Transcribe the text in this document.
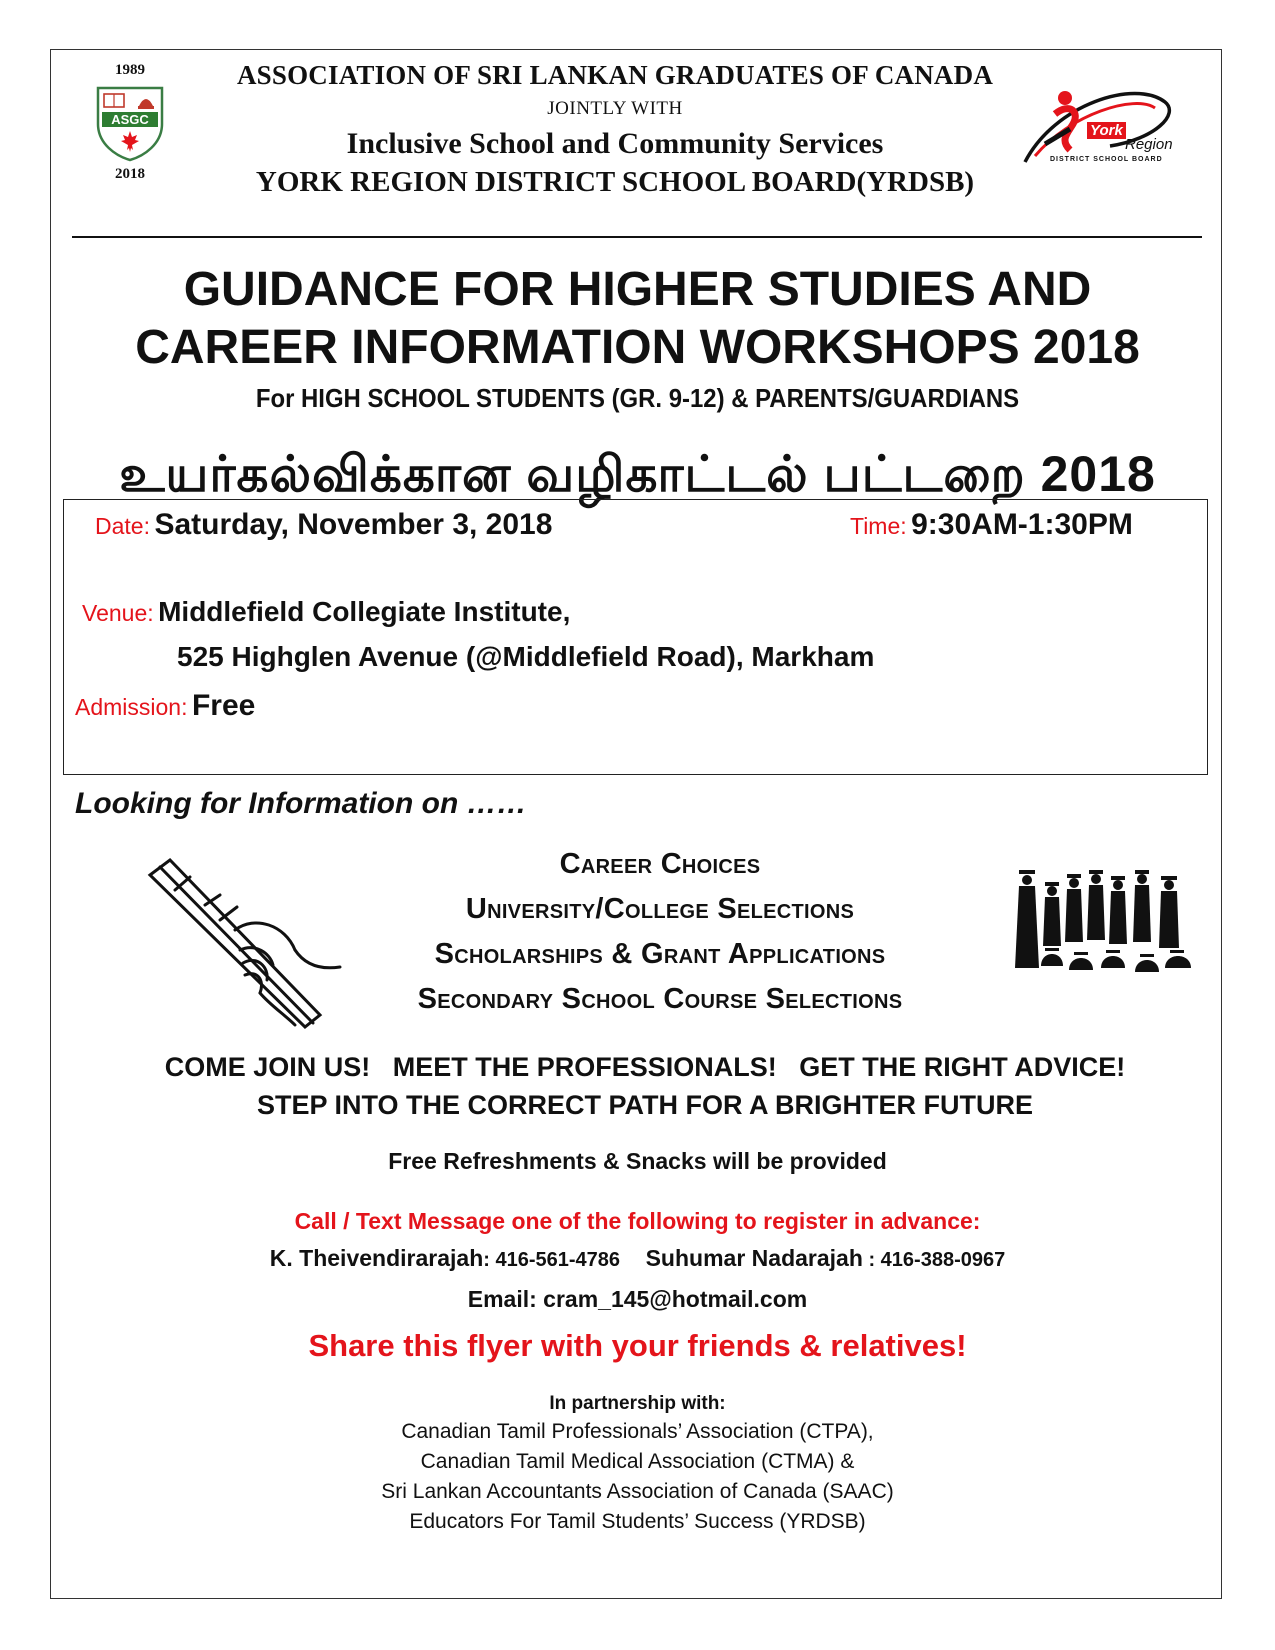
1989
ASGC
2018
York
Region
DISTRICT SCHOOL BOARD
ASSOCIATION OF SRI LANKAN GRADUATES OF CANADA
JOINTLY WITH
Inclusive School and Community Services
YORK REGION DISTRICT SCHOOL BOARD(YRDSB)
GUIDANCE FOR HIGHER STUDIES AND
CAREER INFORMATION WORKSHOPS 2018
For HIGH SCHOOL STUDENTS (GR. 9-12) & PARENTS/GUARDIANS
உயர்கல்விக்கான வழிகாட்டல் பட்டறை 2018
Date: Saturday, November 3, 2018	Time: 9:30AM-1:30PM
Venue: Middlefield Collegiate Institute,
525 Highglen Avenue (@Middlefield Road), Markham
Admission: Free
Looking for Information on ……
Career Choices
University/College Selections
Scholarships & Grant Applications
Secondary School Course Selections
COME JOIN US!   MEET THE PROFESSIONALS!   GET THE RIGHT ADVICE!
STEP INTO THE CORRECT PATH FOR A BRIGHTER FUTURE
Free Refreshments & Snacks will be provided
Call / Text Message one of the following to register in advance:
K. Theivendirarajah: 416-561-4786 Suhumar Nadarajah : 416-388-0967
Email: cram_145@hotmail.com
Share this flyer with your friends & relatives!
In partnership with:
Canadian Tamil Professionals’ Association (CTPA),
Canadian Tamil Medical Association (CTMA) &
Sri Lankan Accountants Association of Canada (SAAC)
Educators For Tamil Students’ Success (YRDSB)
